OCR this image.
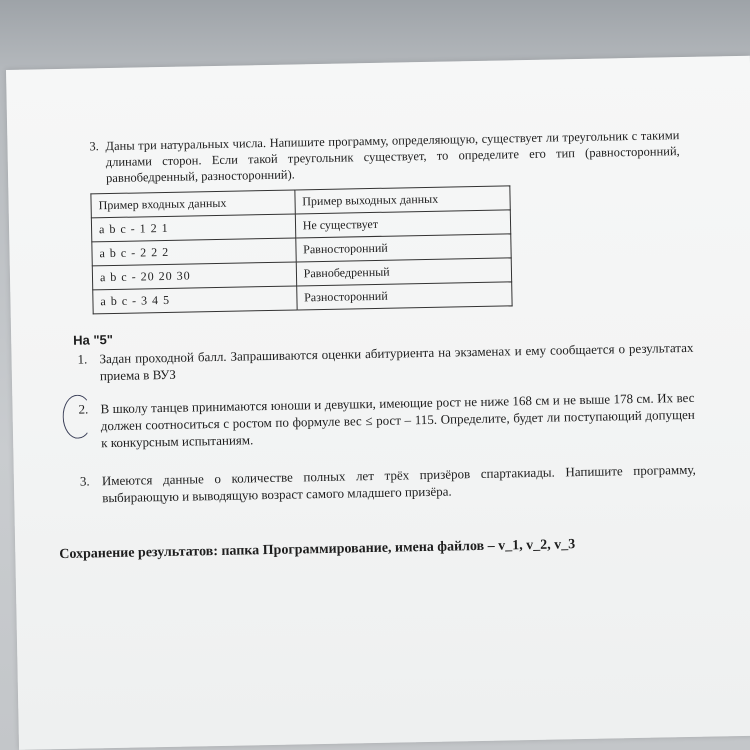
3. Даны три натуральных числа. Напишите программу, определяющую, существует ли треугольник с такими длинами сторон. Если такой треугольник существует, то определите его тип (равносторонний, равнобедренный, разносторонний).
Пример входных данных	Пример выходных данных
a b c - 1 2 1	Не существует
a b c - 2 2 2	Равносторонний
a b c - 20 20 30	Равнобедренный
a b c - 3 4 5	Разносторонний
На "5"
1. Задан проходной балл. Запрашиваются оценки абитуриента на экзаменах и ему сообщается о результатах приема в ВУЗ
2. В школу танцев принимаются юноши и девушки, имеющие рост не ниже 168 см и не выше 178 см. Их вес должен соотноситься с ростом по формуле вес ≤ рост – 115. Определите, будет ли поступающий допущен к конкурсным испытаниям.
3. Имеются данные о количестве полных лет трёх призёров спартакиады. Напишите программу, выбирающую и выводящую возраст самого младшего призёра.
Сохранение результатов: папка Программирование, имена файлов – v_1, v_2, v_3
